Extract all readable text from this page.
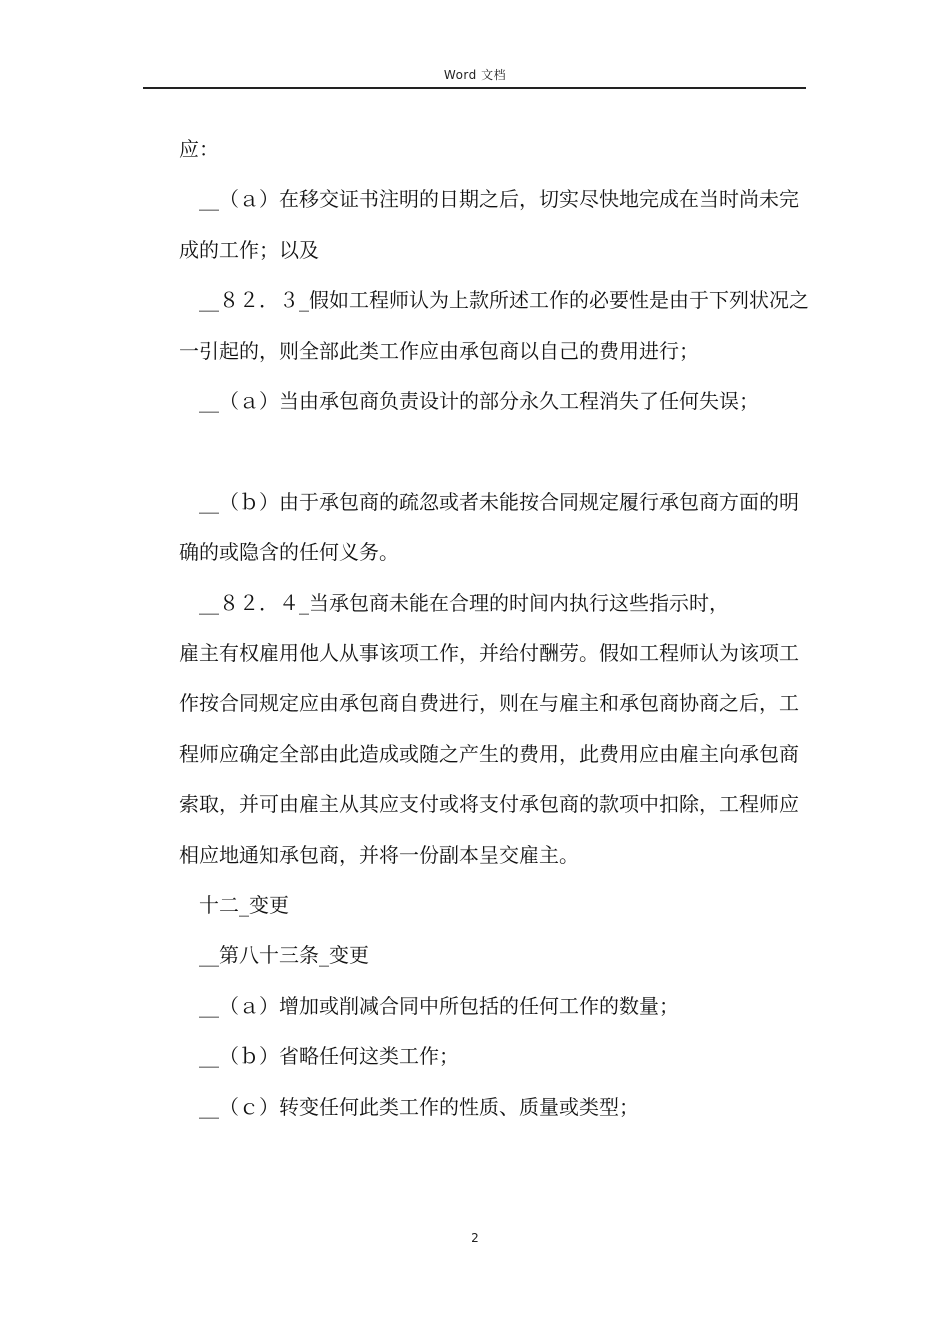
Word 文档

应：

　__（ａ）在移交证书注明的日期之后，切实尽快地完成在当时尚未完成的工作；以及

　__８２．３_假如工程师认为上款所述工作的必要性是由于下列状况之一引起的，则全部此类工作应由承包商以自己的费用进行；

　__（ａ）当由承包商负责设计的部分永久工程消失了任何失误；

　__（ｂ）由于承包商的疏忽或者未能按合同规定履行承包商方面的明确的或隐含的任何义务。

　__８２．４_当承包商未能在合理的时间内执行这些指示时，

雇主有权雇用他人从事该项工作，并给付酬劳。假如工程师认为该项工作按合同规定应由承包商自费进行，则在与雇主和承包商协商之后，工程师应确定全部由此造成或随之产生的费用，此费用应由雇主向承包商索取，并可由雇主从其应支付或将支付承包商的款项中扣除，工程师应相应地通知承包商，并将一份副本呈交雇主。

　十二_变更

　__第八十三条_变更

　__（ａ）增加或削减合同中所包括的任何工作的数量；

　__（ｂ）省略任何这类工作；

　__（ｃ）转变任何此类工作的性质、质量或类型；

2
